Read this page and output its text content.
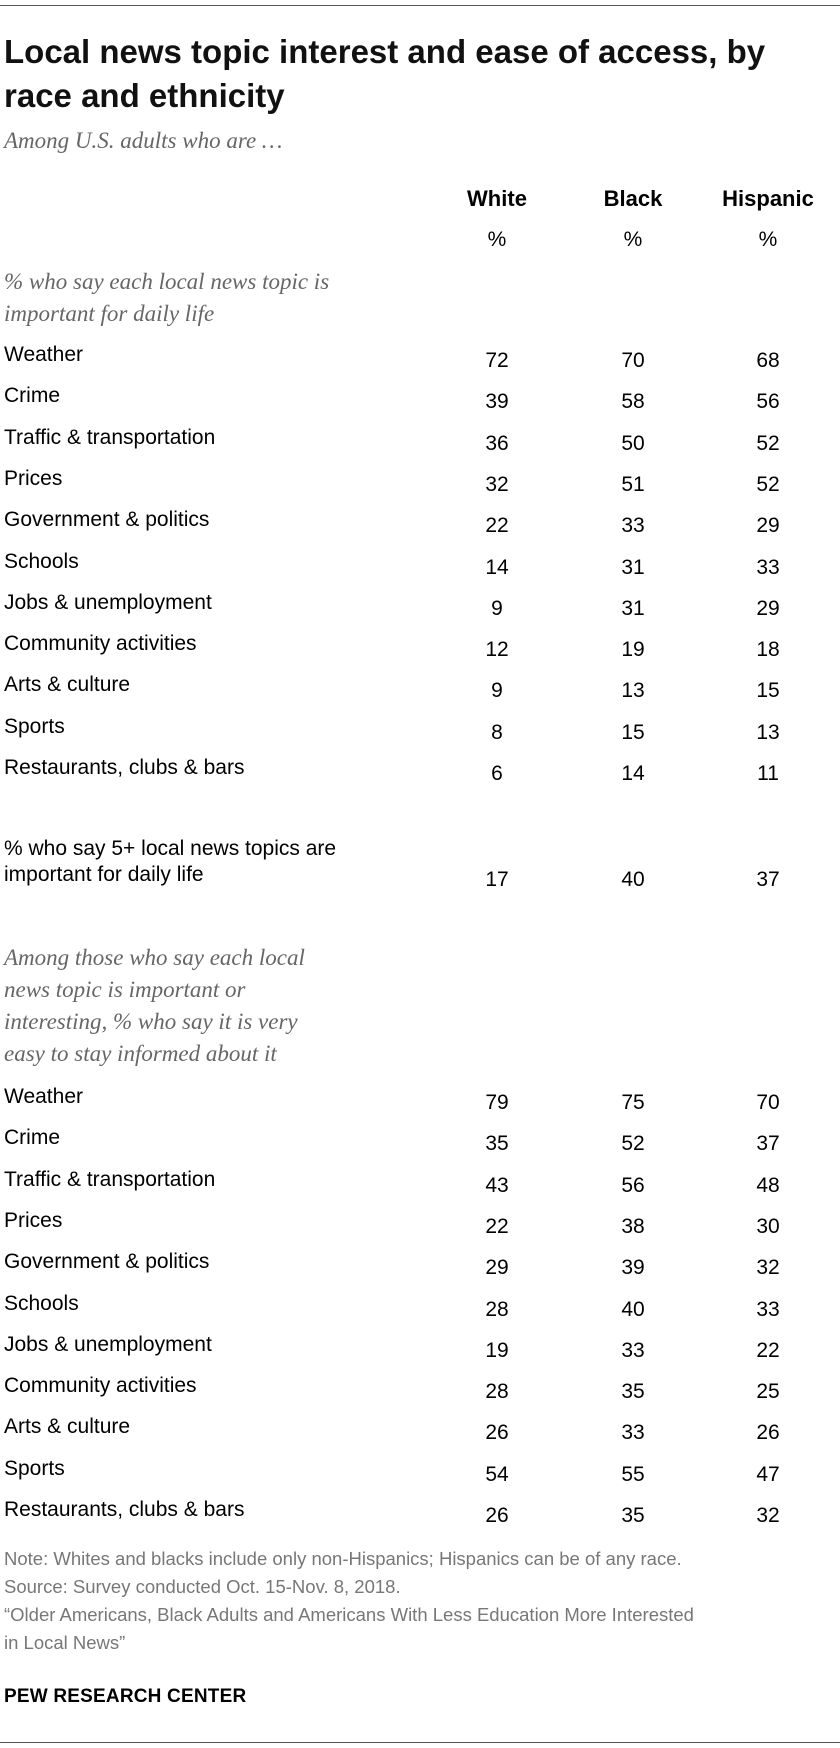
Local news topic interest and ease of access, by race and ethnicity
Among U.S. adults who are …
White
%
Black
%
Hispanic
%
% who say each local news topic is
important for daily life
Weather	72	70	68
Crime	39	58	56
Traffic & transportation	36	50	52
Prices	32	51	52
Government & politics	22	33	29
Schools	14	31	33
Jobs & unemployment	9	31	29
Community activities	12	19	18
Arts & culture	9	13	15
Sports	8	15	13
Restaurants, clubs & bars	6	14	11
% who say 5+ local news topics are
important for daily life	17	40	37
Among those who say each local
news topic is important or
interesting, % who say it is very
easy to stay informed about it
Weather	79	75	70
Crime	35	52	37
Traffic & transportation	43	56	48
Prices	22	38	30
Government & politics	29	39	32
Schools	28	40	33
Jobs & unemployment	19	33	22
Community activities	28	35	25
Arts & culture	26	33	26
Sports	54	55	47
Restaurants, clubs & bars	26	35	32
Note: Whites and blacks include only non-Hispanics; Hispanics can be of any race.
Source: Survey conducted Oct. 15-Nov. 8, 2018.
“Older Americans, Black Adults and Americans With Less Education More Interested
in Local News”
PEW RESEARCH CENTER
